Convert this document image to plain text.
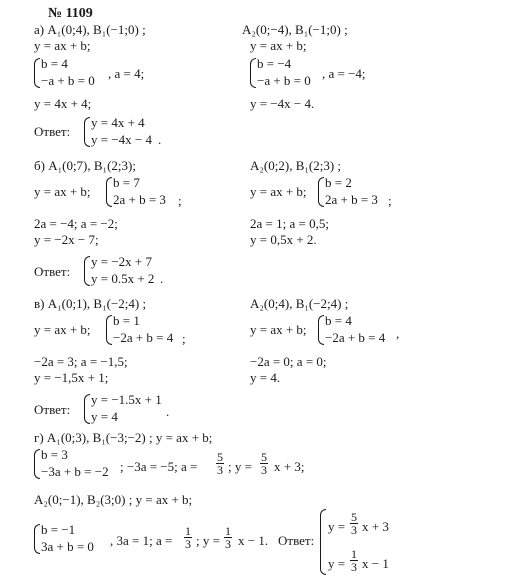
№ 1109
а) A₁(0;4), B₁(−1;0) ;
y = ax + b;
b = 4
−a + b = 0 , a = 4;
y = 4x + 4;
Ответ:
y = 4x + 4
y = −4x − 4 .
A₂(0;−4), B₁(−1;0) ;
y = ax + b;
b = −4
−a + b = 0 , a = −4;
y = −4x − 4.
б) A₁(0;7), B₁(2;3);
y = ax + b;
b = 7
2a + b = 3 ;
2a = −4; a = −2;
y = −2x − 7;
Ответ:
y = −2x + 7
y = 0.5x + 2 .
A₂(0;2), B₁(2;3) ;
y = ax + b;
b = 2
2a + b = 3 ;
2a = 1; a = 0,5;
y = 0,5x + 2.
в) A₁(0;1), B₁(−2;4) ;
y = ax + b;
b = 1
−2a + b = 4 ;
−2a = 3; a = −1,5;
y = −1,5x + 1;
Ответ:
y = −1.5x + 1
y = 4	.
A₂(0;4), B₁(−2;4) ;
y = ax + b;
b = 4
−2a + b = 4 ,
−2a = 0; a = 0;
y = 4.
г) A₁(0;3), B₁(−3;−2) ; y = ax + b;
b = 3
−3a + b = −2 ; −3a = −5; $a = \frac{5}{3}$ ; $y = \frac{5}{3}$ x + 3;
A₂(0;−1), B₂(3;0) ; y = ax + b;
b = −1
3a + b = 0 , 3a = 1; $a = \frac{1}{3}$ ; $y = \frac{1}{3}$ x − 1. Ответ:
$y = \frac{5}{3}$ x + 3
$y = \frac{1}{3}$ x − 1
